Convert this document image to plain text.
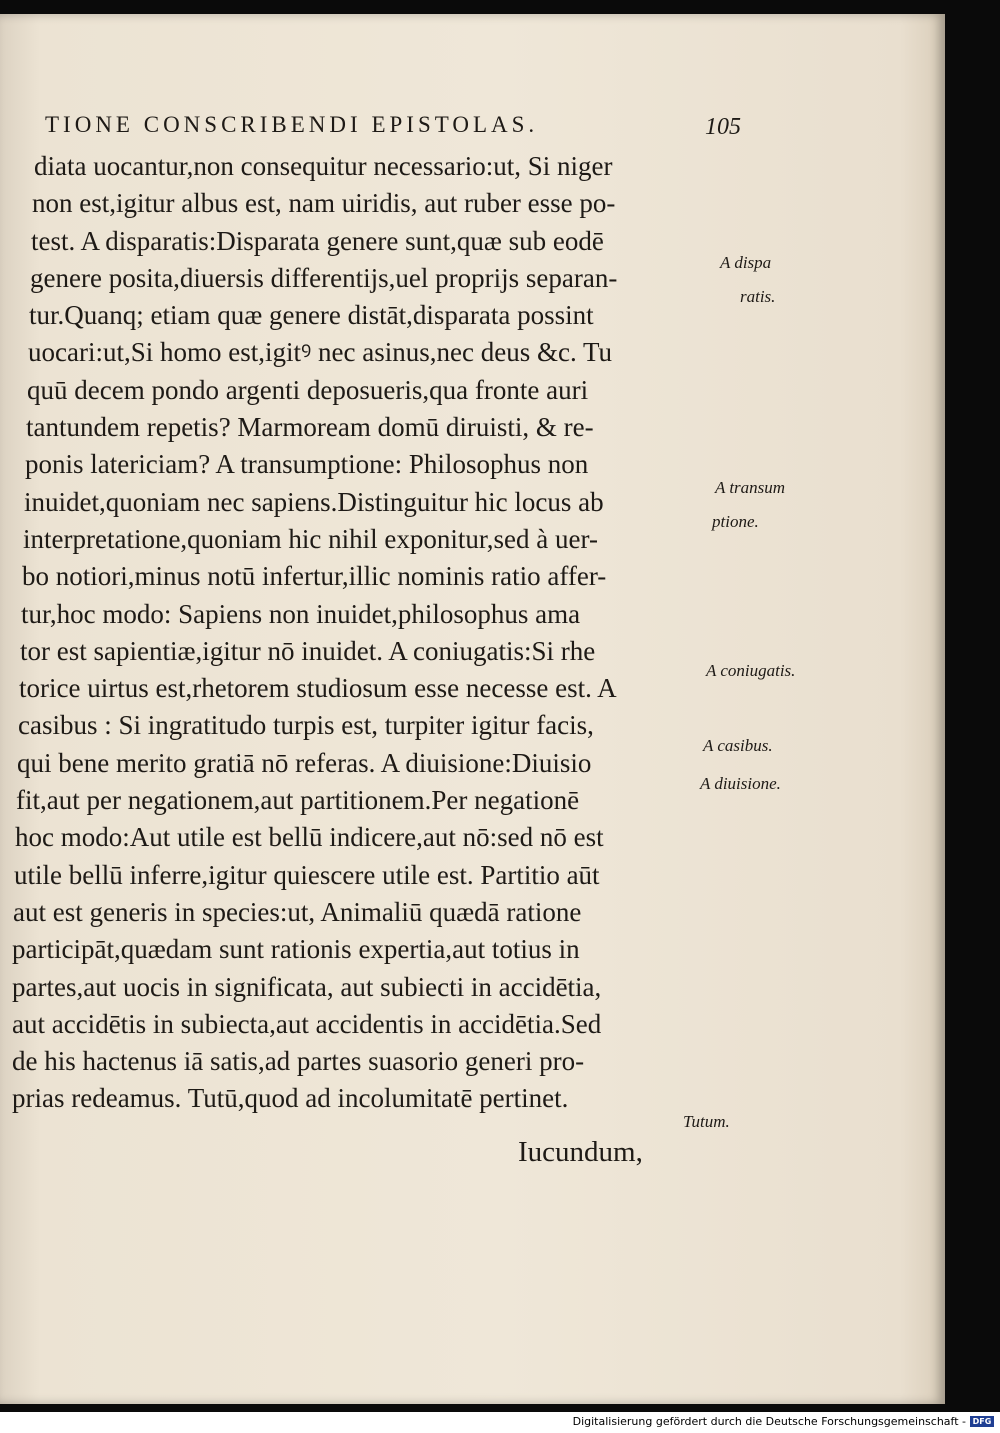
TIONE CONSCRIBENDI EPISTOLAS.	105
diata uocantur,non consequitur necessario:ut, Si niger
non est,igitur albus est, nam uiridis, aut ruber esse po-
test. A disparatis:Disparata genere sunt,quæ sub eodē
genere posita,diuersis differentijs,uel proprijs separan-
tur.Quanq; etiam quæ genere distāt,disparata possint
uocari:ut,Si homo est,igitꝰ nec asinus,nec deus &c. Tu
quū decem pondo argenti deposueris,qua fronte auri
tantundem repetis? Marmoream domū diruisti, & re-
ponis latericiam? A transumptione: Philosophus non
inuidet,quoniam nec sapiens.Distinguitur hic locus ab
interpretatione,quoniam hic nihil exponitur,sed à uer-
bo notiori,minus notū infertur,illic nominis ratio affer-
tur,hoc modo: Sapiens non inuidet,philosophus ama
tor est sapientiæ,igitur nō inuidet. A coniugatis:Si rhe
torice uirtus est,rhetorem studiosum esse necesse est. A
casibus : Si ingratitudo turpis est, turpiter igitur facis,
qui bene merito gratiā nō referas. A diuisione:Diuisio
fit,aut per negationem,aut partitionem.Per negationē
hoc modo:Aut utile est bellū indicere,aut nō:sed nō est
utile bellū inferre,igitur quiescere utile est. Partitio aūt
aut est generis in species:ut, Animaliū quædā ratione
participāt,quædam sunt rationis expertia,aut totius in
partes,aut uocis in significata, aut subiecti in accidētia,
aut accidētis in subiecta,aut accidentis in accidētia.Sed
de his hactenus iā satis,ad partes suasorio generi pro-
prias redeamus. Tutū,quod ad incolumitatē pertinet.
A dispa
ratis.
A transum
ptione.
A coniugatis.
A casibus.
A diuisione.
Tutum.
Iucundum,
Digitalisierung gefördert durch die Deutsche Forschungsgemeinschaft - DFG
